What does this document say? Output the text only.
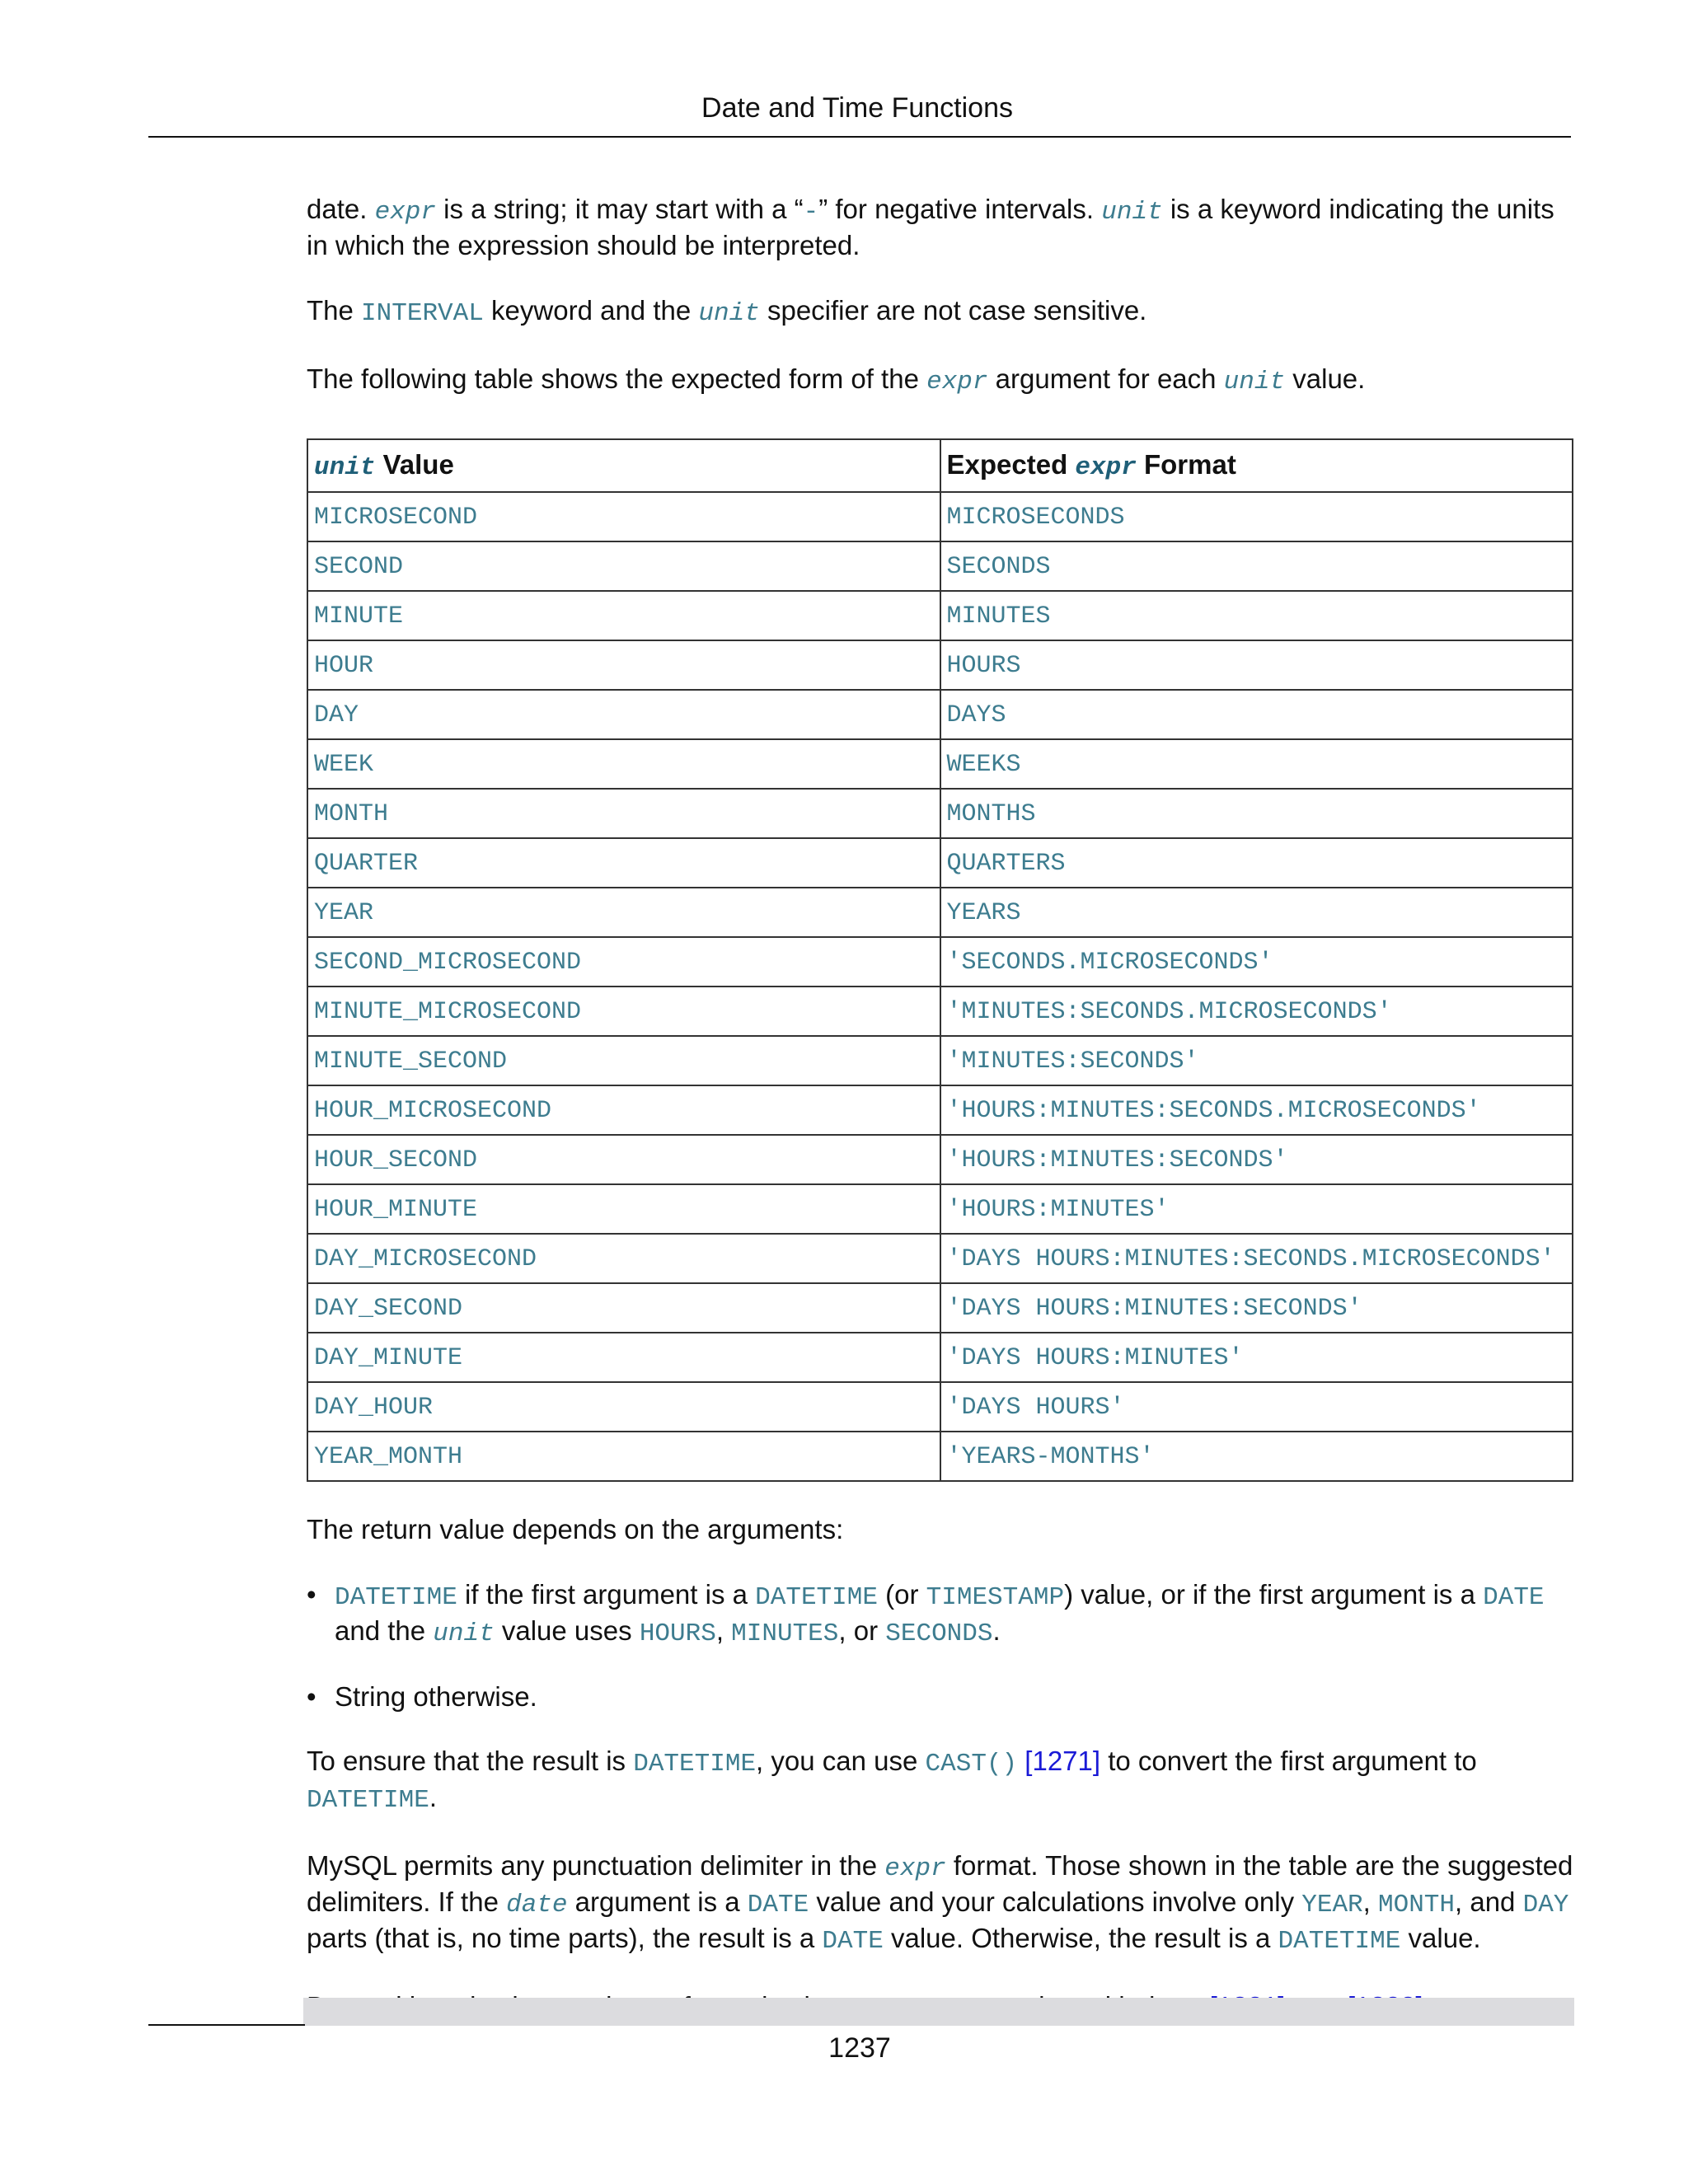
Date and Time Functions

date. expr is a string; it may start with a “-” for negative intervals. unit is a keyword indicating the units in which the expression should be interpreted.

The INTERVAL keyword and the unit specifier are not case sensitive.

The following table shows the expected form of the expr argument for each unit value.

unit Value	Expected expr Format
MICROSECOND	MICROSECONDS
SECOND	SECONDS
MINUTE	MINUTES
HOUR	HOURS
DAY	DAYS
WEEK	WEEKS
MONTH	MONTHS
QUARTER	QUARTERS
YEAR	YEARS
SECOND_MICROSECOND	'SECONDS.MICROSECONDS'
MINUTE_MICROSECOND	'MINUTES:SECONDS.MICROSECONDS'
MINUTE_SECOND	'MINUTES:SECONDS'
HOUR_MICROSECOND	'HOURS:MINUTES:SECONDS.MICROSECONDS'
HOUR_SECOND	'HOURS:MINUTES:SECONDS'
HOUR_MINUTE	'HOURS:MINUTES'
DAY_MICROSECOND	'DAYS HOURS:MINUTES:SECONDS.MICROSECONDS'
DAY_SECOND	'DAYS HOURS:MINUTES:SECONDS'
DAY_MINUTE	'DAYS HOURS:MINUTES'
DAY_HOUR	'DAYS HOURS'
YEAR_MONTH	'YEARS-MONTHS'

The return value depends on the arguments:

• DATETIME if the first argument is a DATETIME (or TIMESTAMP) value, or if the first argument is a DATE and the unit value uses HOURS, MINUTES, or SECONDS.
• String otherwise.

To ensure that the result is DATETIME, you can use CAST() [1271] to convert the first argument to DATETIME.

MySQL permits any punctuation delimiter in the expr format. Those shown in the table are the suggested delimiters. If the date argument is a DATE value and your calculations involve only YEAR, MONTH, and DAY parts (that is, no time parts), the result is a DATE value. Otherwise, the result is a DATETIME value.

1237
